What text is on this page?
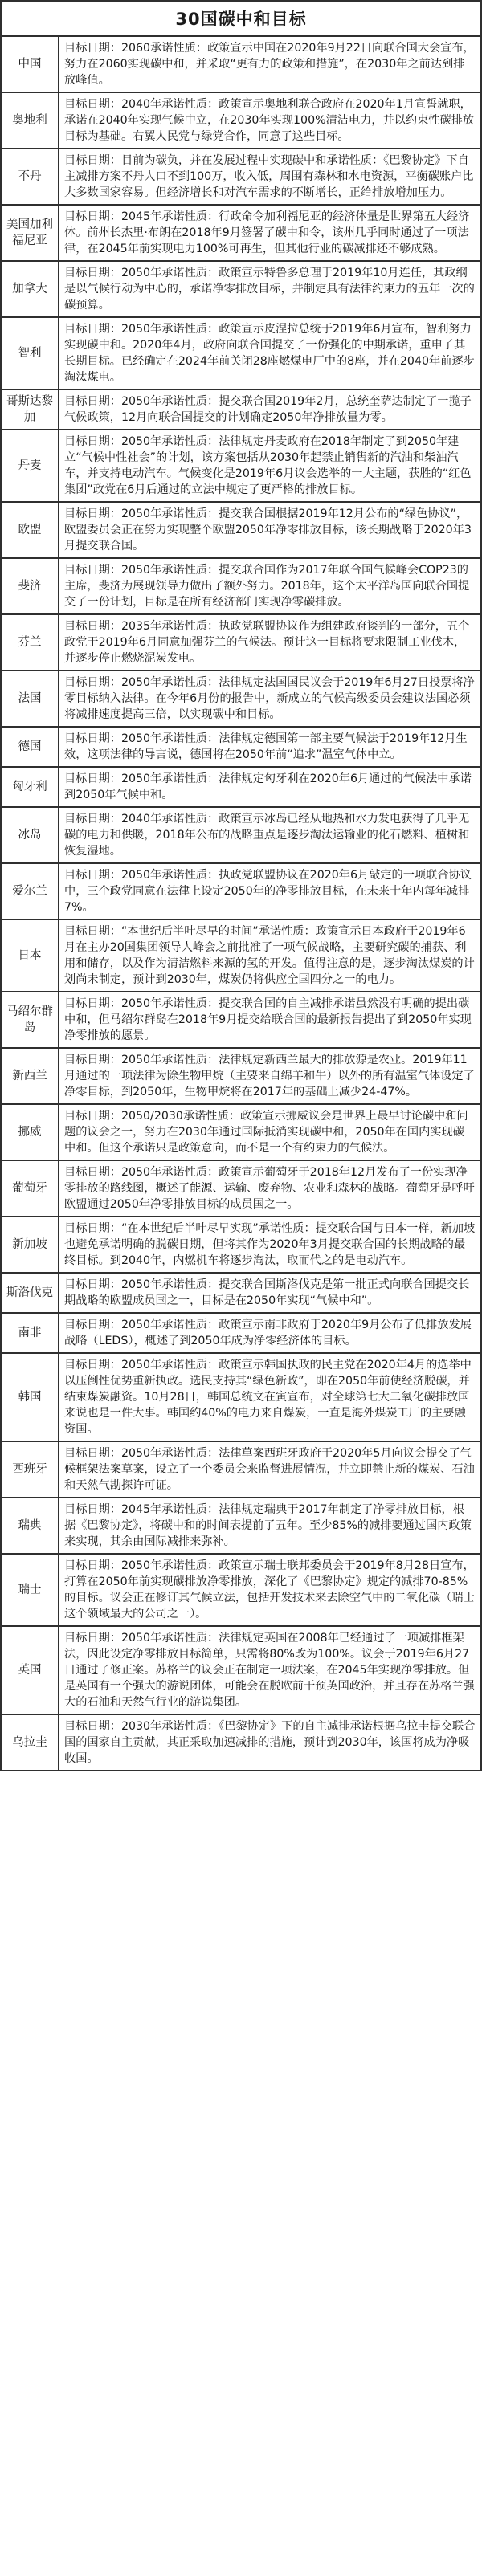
30国碳中和目标
中国	目标日期：2060承诺性质：政策宣示中国在2020年9月22日向联合国大会宣布，努力在2060实现碳中和，并采取“更有力的政策和措施”，在2030年之前达到排放峰值。
奥地利	目标日期：2040年承诺性质：政策宣示奥地利联合政府在2020年1月宣誓就职，承诺在2040年实现气候中立，在2030年实现100%清洁电力，并以约束性碳排放目标为基础。右翼人民党与绿党合作，同意了这些目标。
不丹	目标日期：目前为碳负，并在发展过程中实现碳中和承诺性质：《巴黎协定》下自主减排方案不丹人口不到100万，收入低，周围有森林和水电资源，平衡碳账户比大多数国家容易。但经济增长和对汽车需求的不断增长，正给排放增加压力。
美国加利福尼亚	目标日期：2045年承诺性质：行政命令加利福尼亚的经济体量是世界第五大经济体。前州长杰里·布朗在2018年9月签署了碳中和令，该州几乎同时通过了一项法律，在2045年前实现电力100%可再生，但其他行业的碳减排还不够成熟。
加拿大	目标日期：2050年承诺性质：政策宣示特鲁多总理于2019年10月连任，其政纲是以气候行动为中心的，承诺净零排放目标，并制定具有法律约束力的五年一次的碳预算。
智利	目标日期：2050年承诺性质：政策宣示皮涅拉总统于2019年6月宣布，智利努力实现碳中和。2020年4月，政府向联合国提交了一份强化的中期承诺，重申了其长期目标。已经确定在2024年前关闭28座燃煤电厂中的8座，并在2040年前逐步淘汰煤电。
哥斯达黎加	目标日期：2050年承诺性质：提交联合国2019年2月，总统奎萨达制定了一揽子气候政策，12月向联合国提交的计划确定2050年净排放量为零。
丹麦	目标日期：2050年承诺性质：法律规定丹麦政府在2018年制定了到2050年建立“气候中性社会”的计划，该方案包括从2030年起禁止销售新的汽油和柴油汽车，并支持电动汽车。气候变化是2019年6月议会选举的一大主题，获胜的“红色集团”政党在6月后通过的立法中规定了更严格的排放目标。
欧盟	目标日期：2050年承诺性质：提交联合国根据2019年12月公布的“绿色协议”，欧盟委员会正在努力实现整个欧盟2050年净零排放目标，该长期战略于2020年3月提交联合国。
斐济	目标日期：2050年承诺性质：提交联合国作为2017年联合国气候峰会COP23的主席，斐济为展现领导力做出了额外努力。2018年，这个太平洋岛国向联合国提交了一份计划，目标是在所有经济部门实现净零碳排放。
芬兰	目标日期：2035年承诺性质：执政党联盟协议作为组建政府谈判的一部分，五个政党于2019年6月同意加强芬兰的气候法。预计这一目标将要求限制工业伐木，并逐步停止燃烧泥炭发电。
法国	目标日期：2050年承诺性质：法律规定法国国民议会于2019年6月27日投票将净零目标纳入法律。在今年6月份的报告中，新成立的气候高级委员会建议法国必须将减排速度提高三倍，以实现碳中和目标。
德国	目标日期：2050年承诺性质：法律规定德国第一部主要气候法于2019年12月生效，这项法律的导言说，德国将在2050年前“追求”温室气体中立。
匈牙利	目标日期：2050年承诺性质：法律规定匈牙利在2020年6月通过的气候法中承诺到2050年气候中和。
冰岛	目标日期：2040年承诺性质：政策宣示冰岛已经从地热和水力发电获得了几乎无碳的电力和供暖，2018年公布的战略重点是逐步淘汰运输业的化石燃料、植树和恢复湿地。
爱尔兰	目标日期：2050年承诺性质：执政党联盟协议在2020年6月敲定的一项联合协议中，三个政党同意在法律上设定2050年的净零排放目标，在未来十年内每年减排7%。
日本	目标日期：“本世纪后半叶尽早的时间”承诺性质：政策宣示日本政府于2019年6月在主办20国集团领导人峰会之前批准了一项气候战略，主要研究碳的捕获、利用和储存，以及作为清洁燃料来源的氢的开发。值得注意的是，逐步淘汰煤炭的计划尚未制定，预计到2030年，煤炭仍将供应全国四分之一的电力。
马绍尔群岛	目标日期：2050年承诺性质：提交联合国的自主减排承诺虽然没有明确的提出碳中和，但马绍尔群岛在2018年9月提交给联合国的最新报告提出了到2050年实现净零排放的愿景。
新西兰	目标日期：2050年承诺性质：法律规定新西兰最大的排放源是农业。2019年11月通过的一项法律为除生物甲烷（主要来自绵羊和牛）以外的所有温室气体设定了净零目标，到2050年，生物甲烷将在2017年的基础上减少24-47%。
挪威	目标日期：2050/2030承诺性质：政策宣示挪威议会是世界上最早讨论碳中和问题的议会之一，努力在2030年通过国际抵消实现碳中和，2050年在国内实现碳中和。但这个承诺只是政策意向，而不是一个有约束力的气候法。
葡萄牙	目标日期：2050年承诺性质：政策宣示葡萄牙于2018年12月发布了一份实现净零排放的路线图，概述了能源、运输、废弃物、农业和森林的战略。葡萄牙是呼吁欧盟通过2050年净零排放目标的成员国之一。
新加坡	目标日期：“在本世纪后半叶尽早实现”承诺性质：提交联合国与日本一样，新加坡也避免承诺明确的脱碳日期，但将其作为2020年3月提交联合国的长期战略的最终目标。到2040年，内燃机车将逐步淘汰，取而代之的是电动汽车。
斯洛伐克	目标日期：2050年承诺性质：提交联合国斯洛伐克是第一批正式向联合国提交长期战略的欧盟成员国之一，目标是在2050年实现“气候中和”。
南非	目标日期：2050年承诺性质：政策宣示南非政府于2020年9月公布了低排放发展战略（LEDS），概述了到2050年成为净零经济体的目标。
韩国	目标日期：2050年承诺性质：政策宣示韩国执政的民主党在2020年4月的选举中以压倒性优势重新执政。选民支持其“绿色新政”，即在2050年前使经济脱碳，并结束煤炭融资。10月28日，韩国总统文在寅宣布，对全球第七大二氧化碳排放国来说也是一件大事。韩国约40%的电力来自煤炭，一直是海外煤炭工厂的主要融资国。
西班牙	目标日期：2050年承诺性质：法律草案西班牙政府于2020年5月向议会提交了气候框架法案草案，设立了一个委员会来监督进展情况，并立即禁止新的煤炭、石油和天然气勘探许可证。
瑞典	目标日期：2045年承诺性质：法律规定瑞典于2017年制定了净零排放目标，根据《巴黎协定》，将碳中和的时间表提前了五年。至少85%的减排要通过国内政策来实现，其余由国际减排来弥补。
瑞士	目标日期：2050年承诺性质：政策宣示瑞士联邦委员会于2019年8月28日宣布，打算在2050年前实现碳排放净零排放，深化了《巴黎协定》规定的减排70-85%的目标。议会正在修订其气候立法，包括开发技术来去除空气中的二氧化碳（瑞士这个领域最大的公司之一）。
英国	目标日期：2050年承诺性质：法律规定英国在2008年已经通过了一项减排框架法，因此设定净零排放目标简单，只需将80%改为100%。议会于2019年6月27日通过了修正案。苏格兰的议会正在制定一项法案，在2045年实现净零排放。但是英国有一个强大的游说团体，可能会在脱欧前干预英国政治，并且存在苏格兰强大的石油和天然气行业的游说集团。
乌拉圭	目标日期：2030年承诺性质：《巴黎协定》下的自主减排承诺根据乌拉圭提交联合国的国家自主贡献，其正采取加速减排的措施，预计到2030年，该国将成为净吸收国。
